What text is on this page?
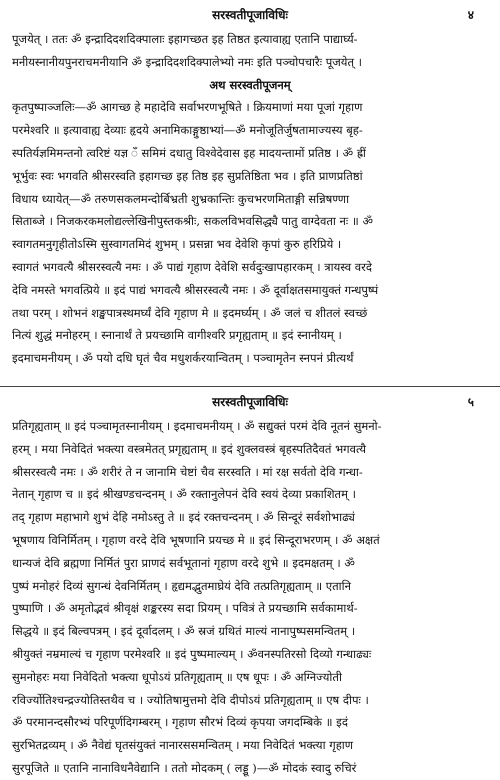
सरस्वतीपूजाविधिः	४
पूजयेत् । ततः ॐ इन्द्रादिदशदिक्पालाः इहागच्छत इह तिष्ठत इत्यावाह्य एतानि पाद्यार्घ्य-
मनीयस्नानीयपुनराचमनीयानि ॐ इन्द्रादिदशदिक्पालेभ्यो नमः इति पञ्चोपचारैः पूजयेत् ।
अथ सरस्वतीपूजनम्
कृतपुष्पाञ्जलिः—ॐ आगच्छ हे महादेवि सर्वाभरणभूषिते । क्रियमाणां मया पूजां गृहाण
परमेश्वरि ॥ इत्यावाह्य देव्याः हृदये अनामिकाङ्गुष्ठाभ्यां—ॐ मनोजूतिर्जुषतामाज्यस्य बृह-
स्पतिर्यज्ञमिमन्तनो त्वरिष्टं यज्ञ ँ समिमं दधातु विश्वेदेवास इह मादयन्तामों प्रतिष्ठ । ॐ ह्रीं
भूर्भुवः स्वः भगवति श्रीसरस्वति इहागच्छ इह तिष्ठ इह सुप्रतिष्ठिता भव । इति प्राणप्रतिष्ठां
विधाय ध्यायेत्—ॐ तरुणसकलमन्दोर्बिभ्रती शुभ्रकान्तिः कुचभरणमिताङ्गी सन्निषण्णा
सिताब्जे । निजकरकमलोद्यल्लेखिनीपुस्तकश्रीः, सकलविभवसिद्ध्यै पातु वाग्देवता नः ॥ ॐ
स्वागतमनुगृहीतोऽस्मि सुस्वागतमिदं शुभम् । प्रसन्ना भव देवेशि कृपां कुरु हरिप्रिये ।
स्वागतं भगवत्यै श्रीसरस्वत्यै नमः । ॐ पाद्यं गृहाण देवेशि सर्वदुःखापहारकम् । त्रायस्व वरदे
देवि नमस्ते भगवत्प्रिये ॥ इदं पाद्यं भगवत्यै श्रीसरस्वत्यै नमः । ॐ दूर्वाक्षतसमायुक्तं गन्धपुष्पं
तथा परम् । शोभनं शङ्खपात्रस्थमर्घ्यं देवि गृहाण मे ॥ इदमर्घ्यम् । ॐ जलं च शीतलं स्वच्छं
नित्यं शुद्धं मनोहरम् । स्नानार्थं ते प्रयच्छामि वागीश्वरि प्रगृह्यताम् ॥ इदं स्नानीयम् ।
इदमाचमनीयम् । ॐ पयो दधि घृतं चैव मधुशर्करयान्वितम् । पञ्चामृतेन स्नपनं प्रीत्यर्थं
सरस्वतीपूजाविधिः	५
प्रतिगृह्यताम् ॥ इदं पञ्चामृतस्नानीयम् । इदमाचमनीयम् । ॐ सद्युक्तं परमं देवि नूतनं सुमनो-
हरम् । मया निवेदितं भक्त्या वस्त्रमेतत् प्रगृह्यताम् ॥ इदं शुक्लवस्त्रं बृहस्पतिदैवतं भगवत्यै
श्रीसरस्वत्यै नमः । ॐ शरीरं ते न जानामि चेष्टां चैव सरस्वति । मां रक्ष सर्वतो देवि गन्धा-
नेतान् गृहाण च ॥ इदं श्रीखण्डचन्दनम् । ॐ रक्तानुलेपनं देवि स्वयं देव्या प्रकाशितम् ।
तद् गृहाण महाभागे शुभं देहि नमोऽस्तु ते ॥ इदं रक्तचन्दनम् । ॐ सिन्दूरं सर्वशोभाढ्यं
भूषणाय विनिर्मितम् । गृहाण वरदे देवि भूषणानि प्रयच्छ मे ॥ इदं सिन्दूराभरणम् । ॐ अक्षतं
धान्यजं देवि ब्रह्मणा निर्मितं पुरा प्राणदं सर्वभूतानां गृहाण वरदे शुभे ॥ इदमक्षतम् । ॐ
पुष्पं मनोहरं दिव्यं सुगन्धं देवनिर्मितम् । हृद्यमद्भुतमाघ्रेयं देवि तत्प्रतिगृह्यताम् ॥ एतानि
पुष्पाणि । ॐ अमृतोद्भवं श्रीवृक्षं शङ्करस्य सदा प्रियम् । पवित्रं ते प्रयच्छामि सर्वकामार्थ-
सिद्धये ॥ इदं बिल्वपत्रम् । इदं दूर्वादलम् । ॐ स्रजं ग्रथितं माल्यं नानापुष्पसमन्वितम् ।
श्रीयुक्तं नम्रमाल्यं च गृहाण परमेश्वरि ॥ इदं पुष्पमाल्यम् । ॐवनस्पतिरसो दिव्यो गन्धाढ्यः
सुमनोहरः मया निवेदितो भक्त्या धूपोऽयं प्रतिगृह्यताम् ॥ एष धूपः । ॐ अग्निज्योती
रविर्ज्योतिश्चन्द्रज्योतिस्तथैव च । ज्योतिषामुत्तमो देवि दीपोऽयं प्रतिगृह्यताम् ॥ एष दीपः ।
ॐ परमानन्दसौरभ्यं परिपूर्णदिगम्बरम् । गृहाण सौरभं दिव्यं कृपया जगदम्बिके ॥ इदं
सुरभितद्रव्यम् । ॐ नैवेद्यं घृतसंयुक्तं नानारससमन्वितम् । मया निवेदितं भक्त्या गृहाण
सुरपूजिते ॥ एतानि नानाविधनैवेद्यानि । ततो मोदकम् ( लड्डू )—ॐ मोदकं स्वादु रुचिरं
